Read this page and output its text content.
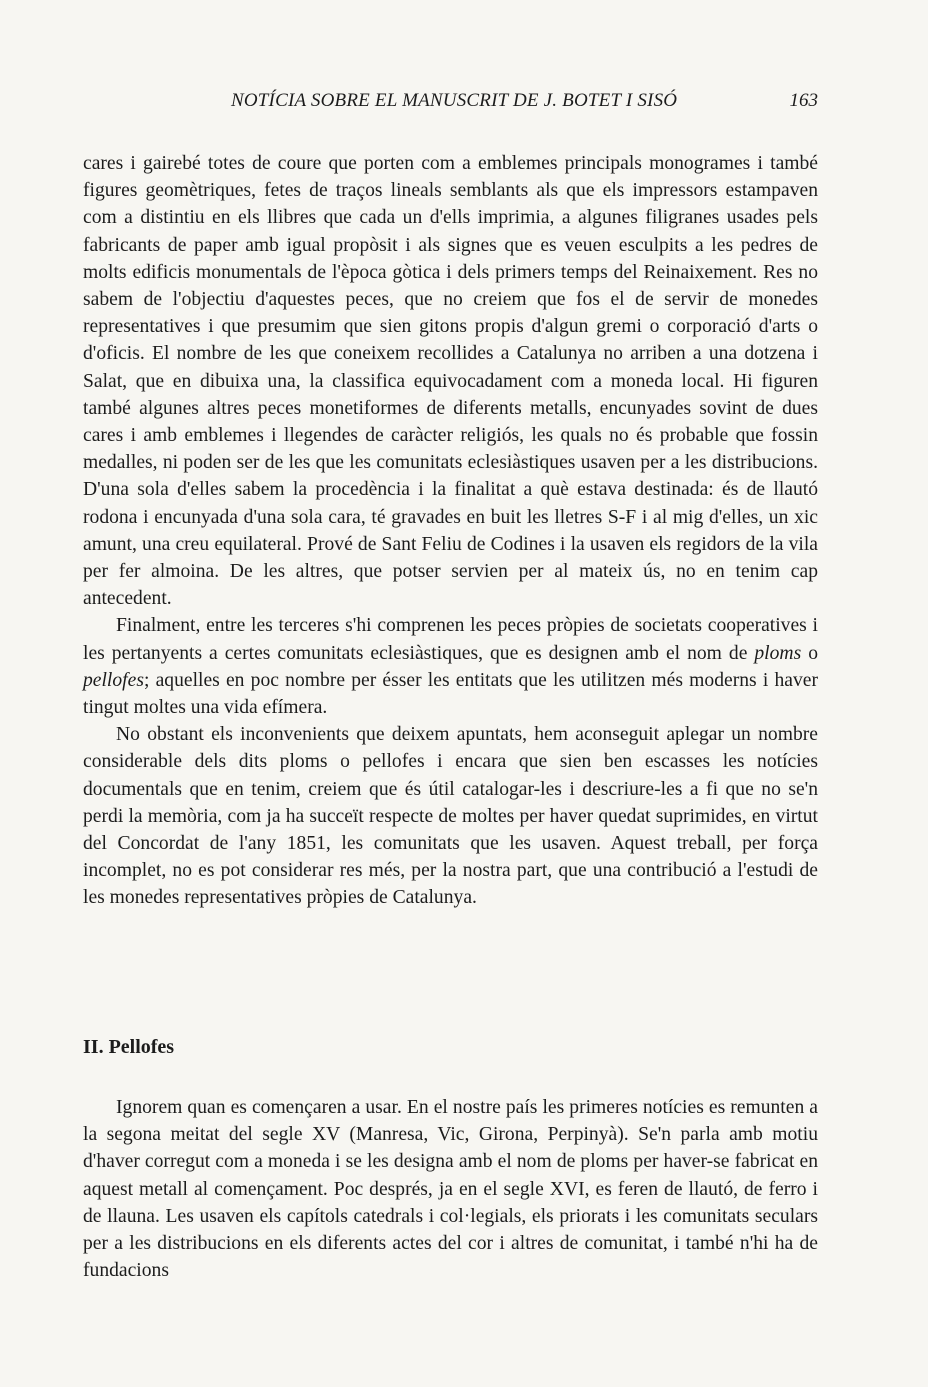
NOTÍCIA SOBRE EL MANUSCRIT DE J. BOTET I SISÓ	163

cares i gairebé totes de coure que porten com a emblemes principals monogrames i també figures geomètriques, fetes de traços lineals semblants als que els impressors estampaven com a distintiu en els llibres que cada un d'ells imprimia, a algunes filigranes usades pels fabricants de paper amb igual propòsit i als signes que es veuen esculpits a les pedres de molts edificis monumentals de l'època gòtica i dels primers temps del Reinaixement. Res no sabem de l'objectiu d'aquestes peces, que no creiem que fos el de servir de monedes representatives i que presumim que sien gitons propis d'algun gremi o corporació d'arts o d'oficis. El nombre de les que coneixem recollides a Catalunya no arriben a una dotzena i Salat, que en dibuixa una, la classifica equivocadament com a moneda local. Hi figuren també algunes altres peces monetiformes de diferents metalls, encunyades sovint de dues cares i amb emblemes i llegendes de caràcter religiós, les quals no és probable que fossin medalles, ni poden ser de les que les comunitats eclesiàstiques usaven per a les distribucions. D'una sola d'elles sabem la procedència i la finalitat a què estava destinada: és de llautó rodona i encunyada d'una sola cara, té gravades en buit les lletres S-F i al mig d'elles, un xic amunt, una creu equilateral. Prové de Sant Feliu de Codines i la usaven els regidors de la vila per fer almoina. De les altres, que potser servien per al mateix ús, no en tenim cap antecedent.

Finalment, entre les terceres s'hi comprenen les peces pròpies de societats cooperatives i les pertanyents a certes comunitats eclesiàstiques, que es designen amb el nom de ploms o pellofes; aquelles en poc nombre per ésser les entitats que les utilitzen més moderns i haver tingut moltes una vida efímera.

No obstant els inconvenients que deixem apuntats, hem aconseguit aplegar un nombre considerable dels dits ploms o pellofes i encara que sien ben escasses les notícies documentals que en tenim, creiem que és útil catalogar-les i descriure-les a fi que no se'n perdi la memòria, com ja ha succeït respecte de moltes per haver quedat suprimides, en virtut del Concordat de l'any 1851, les comunitats que les usaven. Aquest treball, per força incomplet, no es pot considerar res més, per la nostra part, que una contribució a l'estudi de les monedes representatives pròpies de Catalunya.

II. Pellofes

Ignorem quan es començaren a usar. En el nostre país les primeres notícies es remunten a la segona meitat del segle XV (Manresa, Vic, Girona, Perpinyà). Se'n parla amb motiu d'haver corregut com a moneda i se les designa amb el nom de ploms per haver-se fabricat en aquest metall al començament. Poc després, ja en el segle XVI, es feren de llautó, de ferro i de llauna. Les usaven els capítols catedrals i col·legials, els priorats i les comunitats seculars per a les distribucions en els diferents actes del cor i altres de comunitat, i també n'hi ha de fundacions
